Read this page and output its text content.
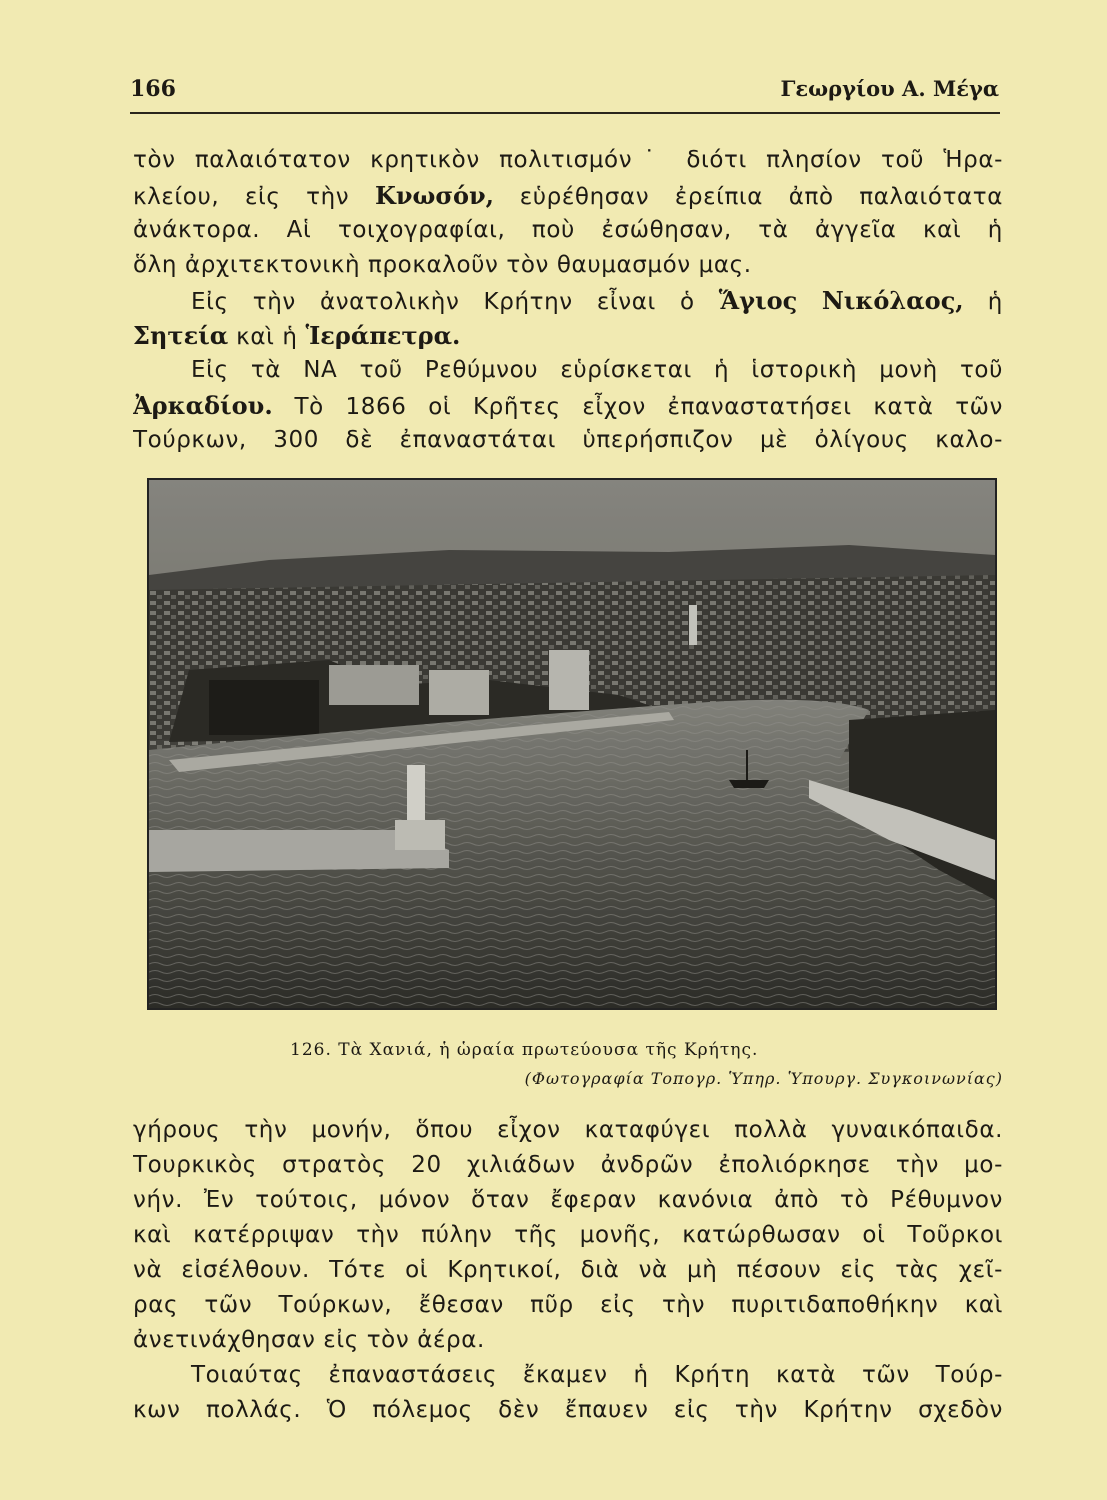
166	Γεωργίου Α. Μέγα
τὸν παλαιότατον κρητικὸν πολιτισμόν˙ διότι πλησίον τοῦ Ἡρα-
κλείου, εἰς τὴν Κνωσόν, εὑρέθησαν ἐρείπια ἀπὸ παλαιότατα
ἀνάκτορα. Αἱ τοιχογραφίαι, ποὺ ἐσώθησαν, τὰ ἀγγεῖα καὶ ἡ
ὅλη ἀρχιτεκτονικὴ προκαλοῦν τὸν θαυμασμόν μας.
Εἰς τὴν ἀνατολικὴν Κρήτην εἶναι ὁ Ἅγιος Νικόλαος, ἡ
Σητεία καὶ ἡ Ἱεράπετρα.
Εἰς τὰ ΝΑ τοῦ Ρεθύμνου εὑρίσκεται ἡ ἱστορικὴ μονὴ τοῦ
Ἀρκαδίου. Τὸ 1866 οἱ Κρῆτες εἶχον ἐπαναστατήσει κατὰ τῶν
Τούρκων, 300 δὲ ἐπαναστάται ὑπερήσπιζον μὲ ὀλίγους καλο-
126. Τὰ Χανιά, ἡ ὡραία πρωτεύουσα τῆς Κρήτης.
(Φωτογραφία Τοπογρ. Ὑπηρ. Ὑπουργ. Συγκοινωνίας)
γήρους τὴν μονήν, ὅπου εἶχον καταφύγει πολλὰ γυναικόπαιδα.
Τουρκικὸς στρατὸς 20 χιλιάδων ἀνδρῶν ἐπολιόρκησε τὴν μο-
νήν. Ἐν τούτοις, μόνον ὅταν ἔφεραν κανόνια ἀπὸ τὸ Ρέθυμνον
καὶ κατέρριψαν τὴν πύλην τῆς μονῆς, κατώρθωσαν οἱ Τοῦρκοι
νὰ εἰσέλθουν. Τότε οἱ Κρητικοί, διὰ νὰ μὴ πέσουν εἰς τὰς χεῖ-
ρας τῶν Τούρκων, ἔθεσαν πῦρ εἰς τὴν πυριτιδαποθήκην καὶ
ἀνετινάχθησαν εἰς τὸν ἀέρα.
Τοιαύτας ἐπαναστάσεις ἔκαμεν ἡ Κρήτη κατὰ τῶν Τούρ-
κων πολλάς. Ὁ πόλεμος δὲν ἔπαυεν εἰς τὴν Κρήτην σχεδὸν
